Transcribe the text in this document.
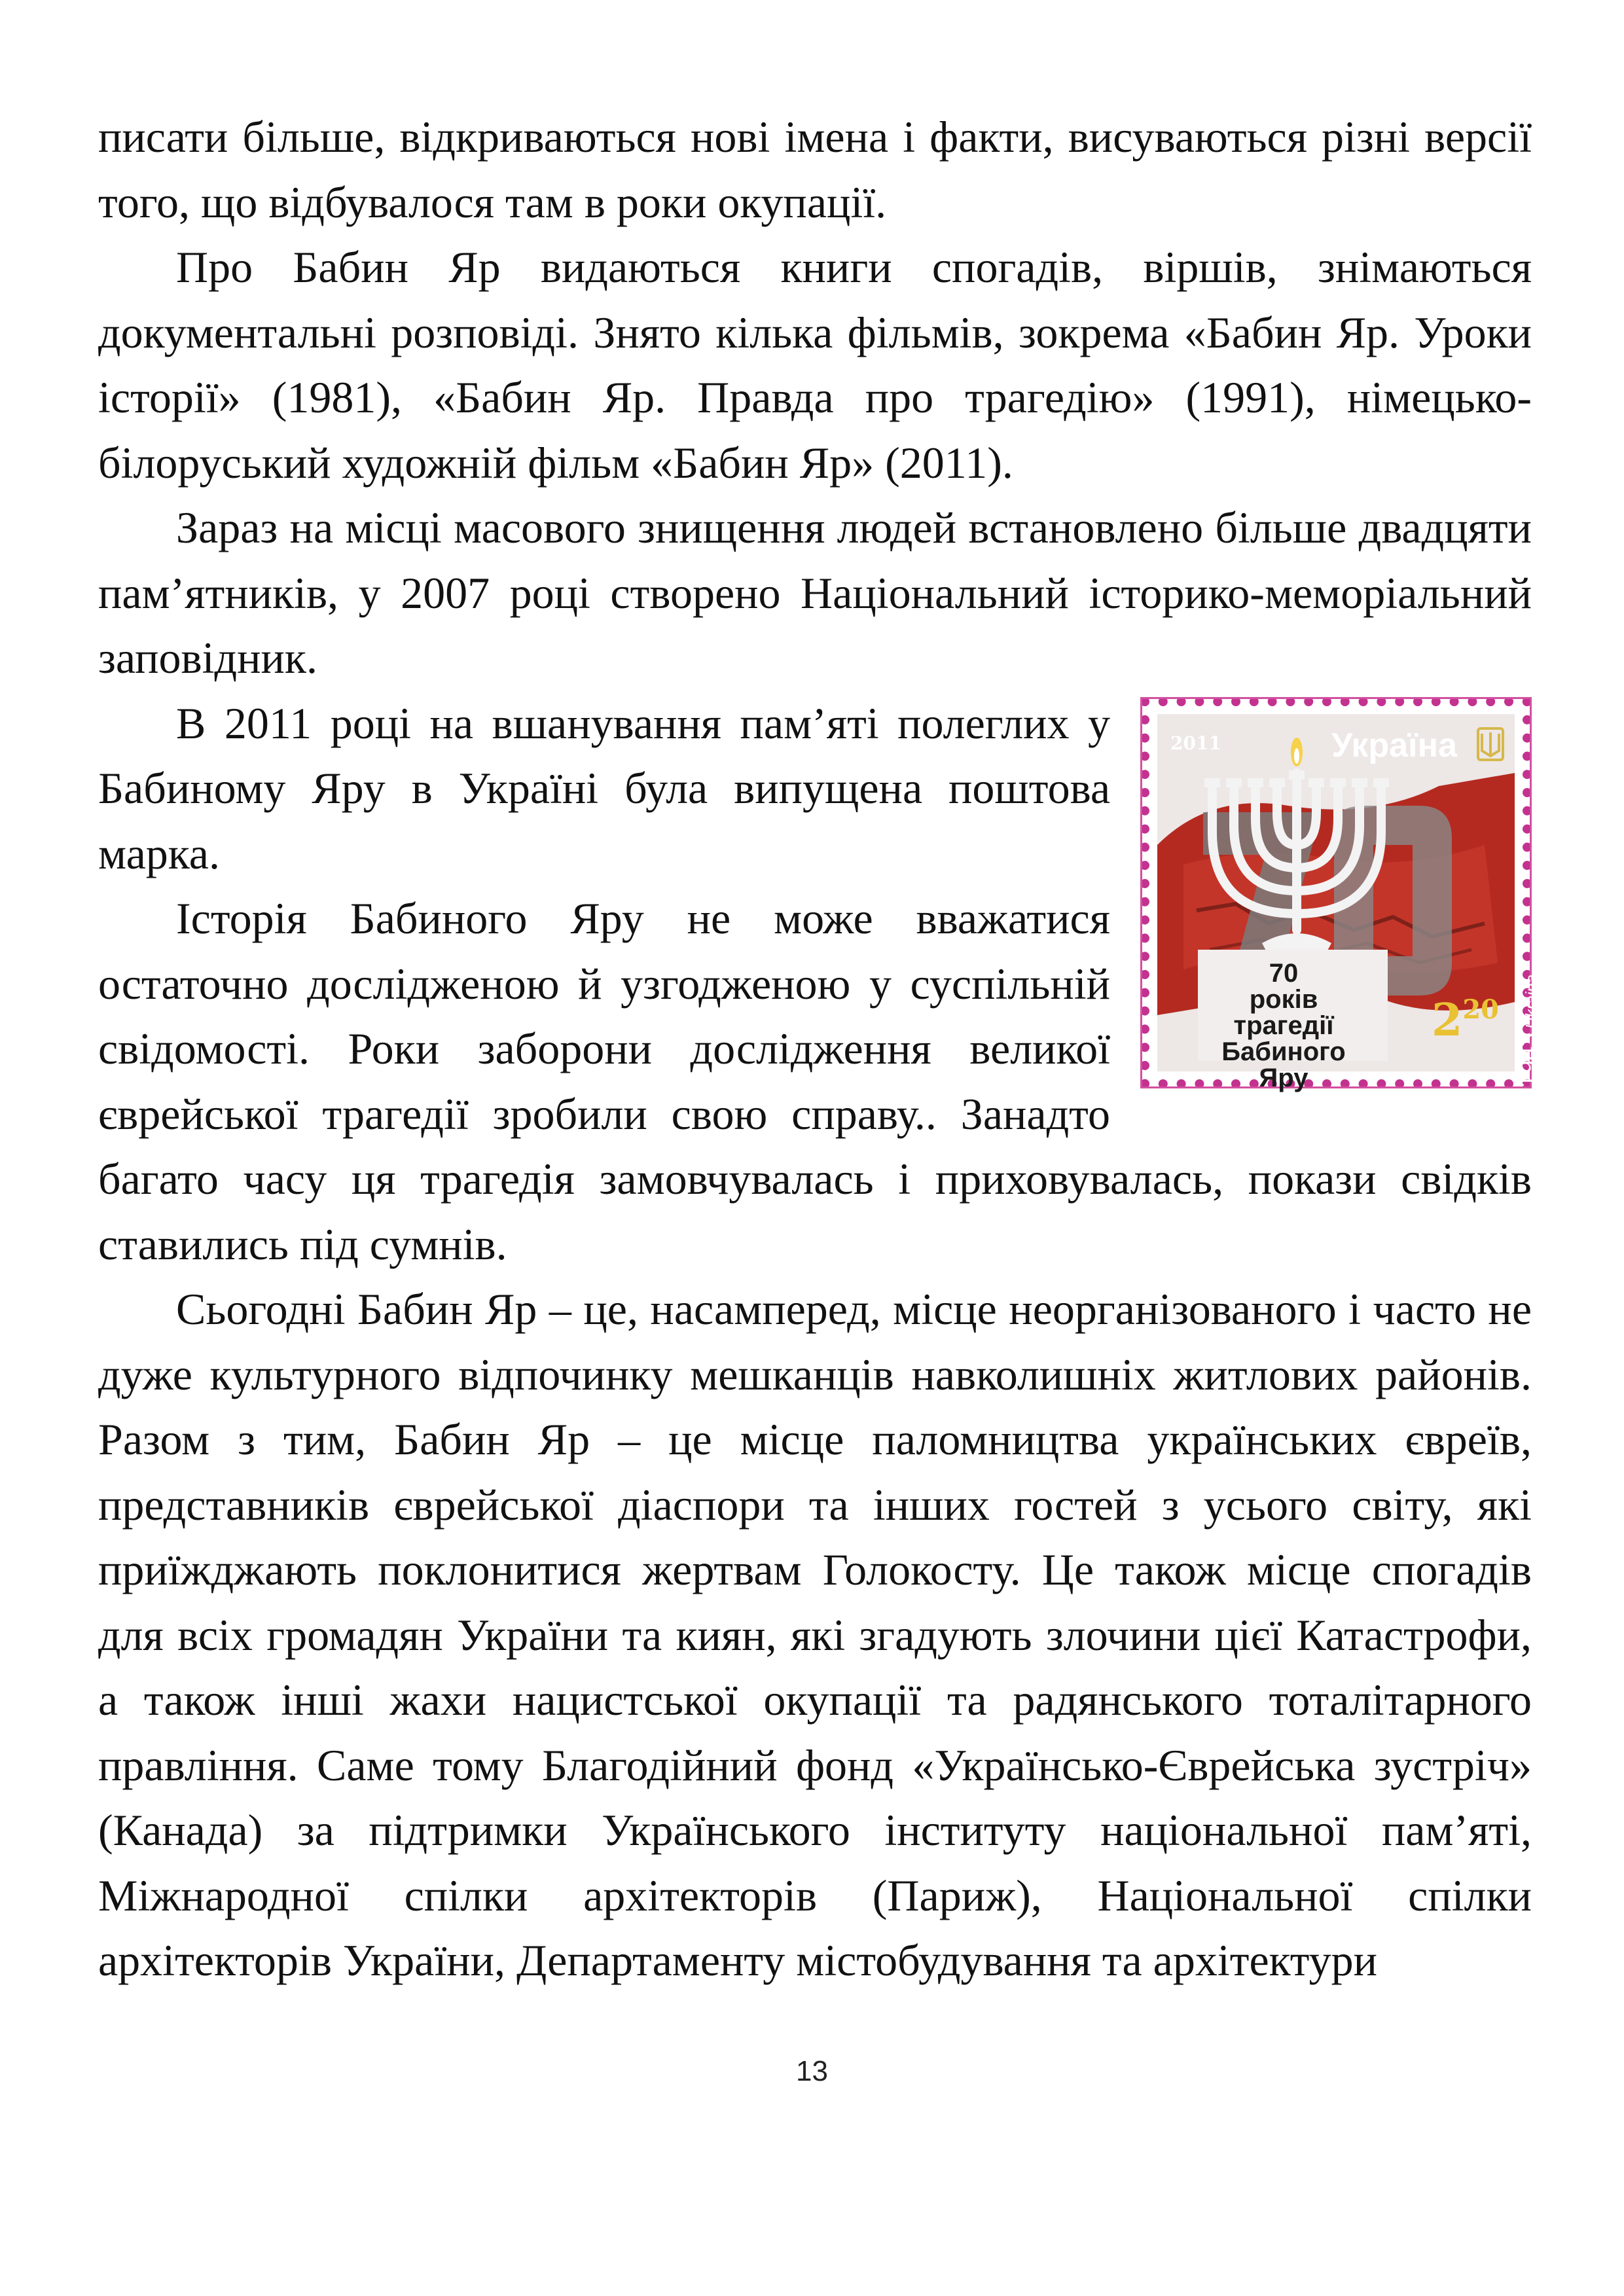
писати більше, відкриваються нові імена і факти, висуваються різні версії того, що відбувалося там в роки окупації.

Про Бабин Яр видаються книги спогадів, віршів, знімаються документальні розповіді. Знято кілька фільмів, зокрема «Бабин Яр. Уроки історії» (1981), «Бабин Яр. Правда про трагедію» (1991), німецько-білоруський художній фільм «Бабин Яр» (2011).

Зараз на місці масового знищення людей встановлено більше двадцяти пам’ятників, у 2007 році створено Національний історико-меморіальний заповідник.

2011	Україна
1941-1943Ukraina
70
років
трагедії
Бабиного Яру
$2^{20}$

В 2011 році на вшанування пам’яті полеглих у Бабиному Яру в Україні була випущена поштова марка.

Історія Бабиного Яру не може вважатися остаточно дослідженою й узгодженою у суспільній свідомості. Роки заборони дослідження великої єврейської трагедії зробили свою справу.. Занадто багато часу ця трагедія замовчувалась і приховувалась, покази свідків ставились під сумнів.

Сьогодні Бабин Яр – це, насамперед, місце неорганізованого і часто не дуже культурного відпочинку мешканців навколишніх житлових районів. Разом з тим, Бабин Яр – це місце паломництва українських євреїв, представників єврейської діаспори та інших гостей з усього світу, які приїжджають поклонитися жертвам Голокосту. Це також місце спогадів для всіх громадян України та киян, які згадують злочини цієї Катастрофи, а також інші жахи нацистської окупації та радянського тоталітарного правління. Саме тому Благодійний фонд «Українсько-Єврейська зустріч» (Канада) за підтримки Українського інституту національної пам’яті, Міжнародної спілки архітекторів (Париж), Національної спілки архітекторів України, Департаменту містобудування та архітектури

13
